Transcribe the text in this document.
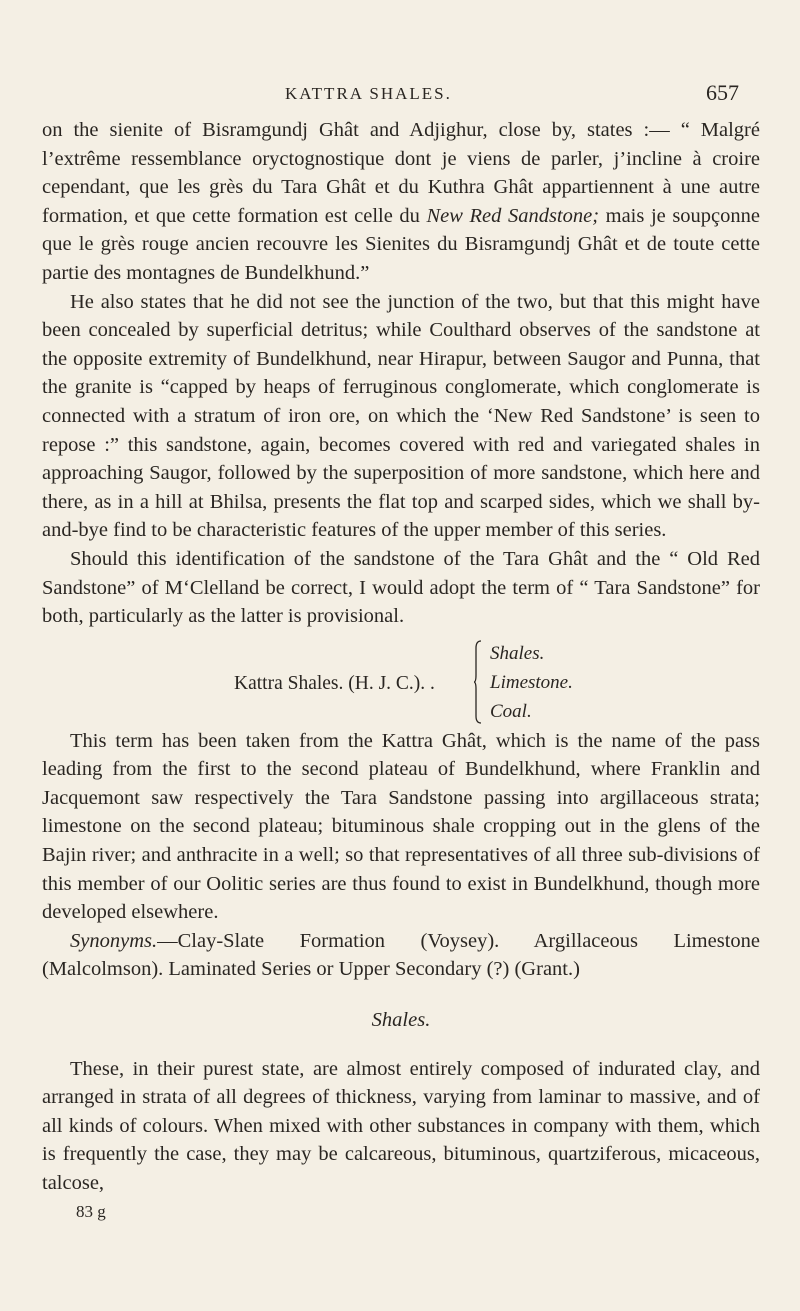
KATTRA SHALES.	657

on the sienite of Bisramgundj Ghât and Adjighur, close by, states :— “ Malgré l’extrême ressemblance oryctognostique dont je viens de parler, j’incline à croire cependant, que les grès du Tara Ghât et du Kuthra Ghât appartiennent à une autre formation, et que cette formation est celle du New Red Sandstone; mais je soupçonne que le grès rouge ancien recouvre les Sienites du Bisramgundj Ghât et de toute cette partie des montagnes de Bundelkhund.”

He also states that he did not see the junction of the two, but that this might have been concealed by superficial detritus; while Coulthard observes of the sandstone at the opposite extremity of Bundelkhund, near Hirapur, between Saugor and Punna, that the granite is “capped by heaps of ferruginous conglomerate, which conglomerate is connected with a stratum of iron ore, on which the ‘New Red Sandstone’ is seen to repose :” this sandstone, again, becomes covered with red and variegated shales in approaching Saugor, followed by the superposition of more sandstone, which here and there, as in a hill at Bhilsa, presents the flat top and scarped sides, which we shall by-and-bye find to be characteristic features of the upper member of this series.

Should this identification of the sandstone of the Tara Ghât and the “ Old Red Sandstone” of M‘Clelland be correct, I would adopt the term of “ Tara Sandstone” for both, particularly as the latter is provisional.

Kattra Shales. (H. J. C.). .
Shales.
Limestone.
Coal.

This term has been taken from the Kattra Ghât, which is the name of the pass leading from the first to the second plateau of Bundelkhund, where Franklin and Jacquemont saw respectively the Tara Sandstone passing into argillaceous strata; limestone on the second plateau; bituminous shale cropping out in the glens of the Bajin river; and anthracite in a well; so that representatives of all three sub-divisions of this member of our Oolitic series are thus found to exist in Bundelkhund, though more developed elsewhere.

Synonyms.—Clay-Slate Formation (Voysey). Argillaceous Limestone (Malcolmson). Laminated Series or Upper Secondary (?) (Grant.)

Shales.

These, in their purest state, are almost entirely composed of indurated clay, and arranged in strata of all degrees of thickness, varying from laminar to massive, and of all kinds of colours. When mixed with other substances in company with them, which is frequently the case, they may be calcareous, bituminous, quartziferous, micaceous, talcose,

83 g
